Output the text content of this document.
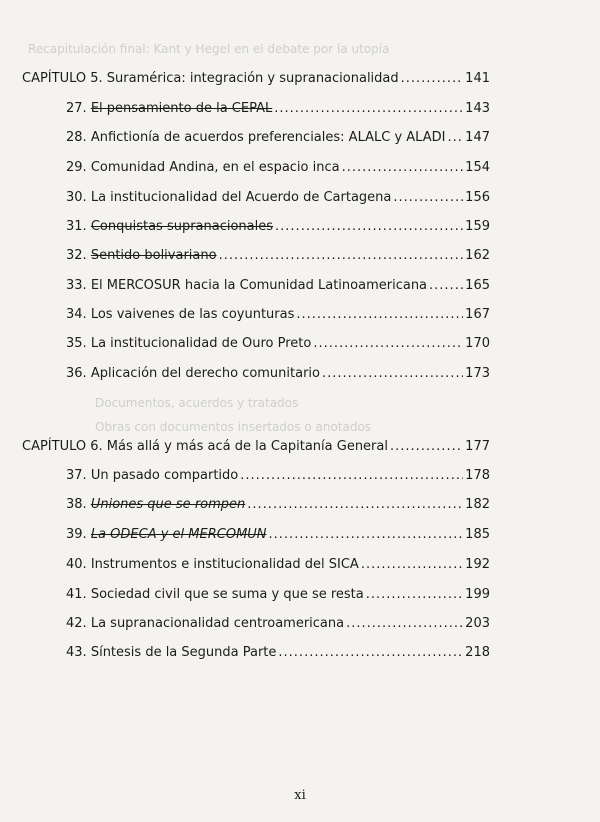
Recapitulación final: Kant y Hegel en el debate por la utopía
Documentos, acuerdos y tratados
Obras con documentos insertados o anotados
CAPÍTULO 5. Suramérica: integración y supranacionalidad .....	141
27. El pensamiento de la CEPAL .....	143
28. Anfictionía de acuerdos preferenciales: ALALC y ALADI ..... 147
29. Comunidad Andina, en el espacio inca .....	154
30. La institucionalidad del Acuerdo de Cartagena .....	156
31. Conquistas supranacionales .....	159
32. Sentido bolivariano .....	162
33. El MERCOSUR hacia la Comunidad Latinoamericana .....	165
34. Los vaivenes de las coyunturas .....	167
35. La institucionalidad de Ouro Preto .....	170
36. Aplicación del derecho comunitario .....	173
CAPÍTULO 6. Más allá y más acá de la Capitanía General .....	177
37. Un pasado compartido .....	178
38. Uniones que se rompen .....	182
39. La ODECA y el MERCOMUN .....	185
40. Instrumentos e institucionalidad del SICA .....	192
41. Sociedad civil que se suma y que se resta .....	199
42. La supranacionalidad centroamericana .....	203
43. Síntesis de la Segunda Parte .....	218
xi
